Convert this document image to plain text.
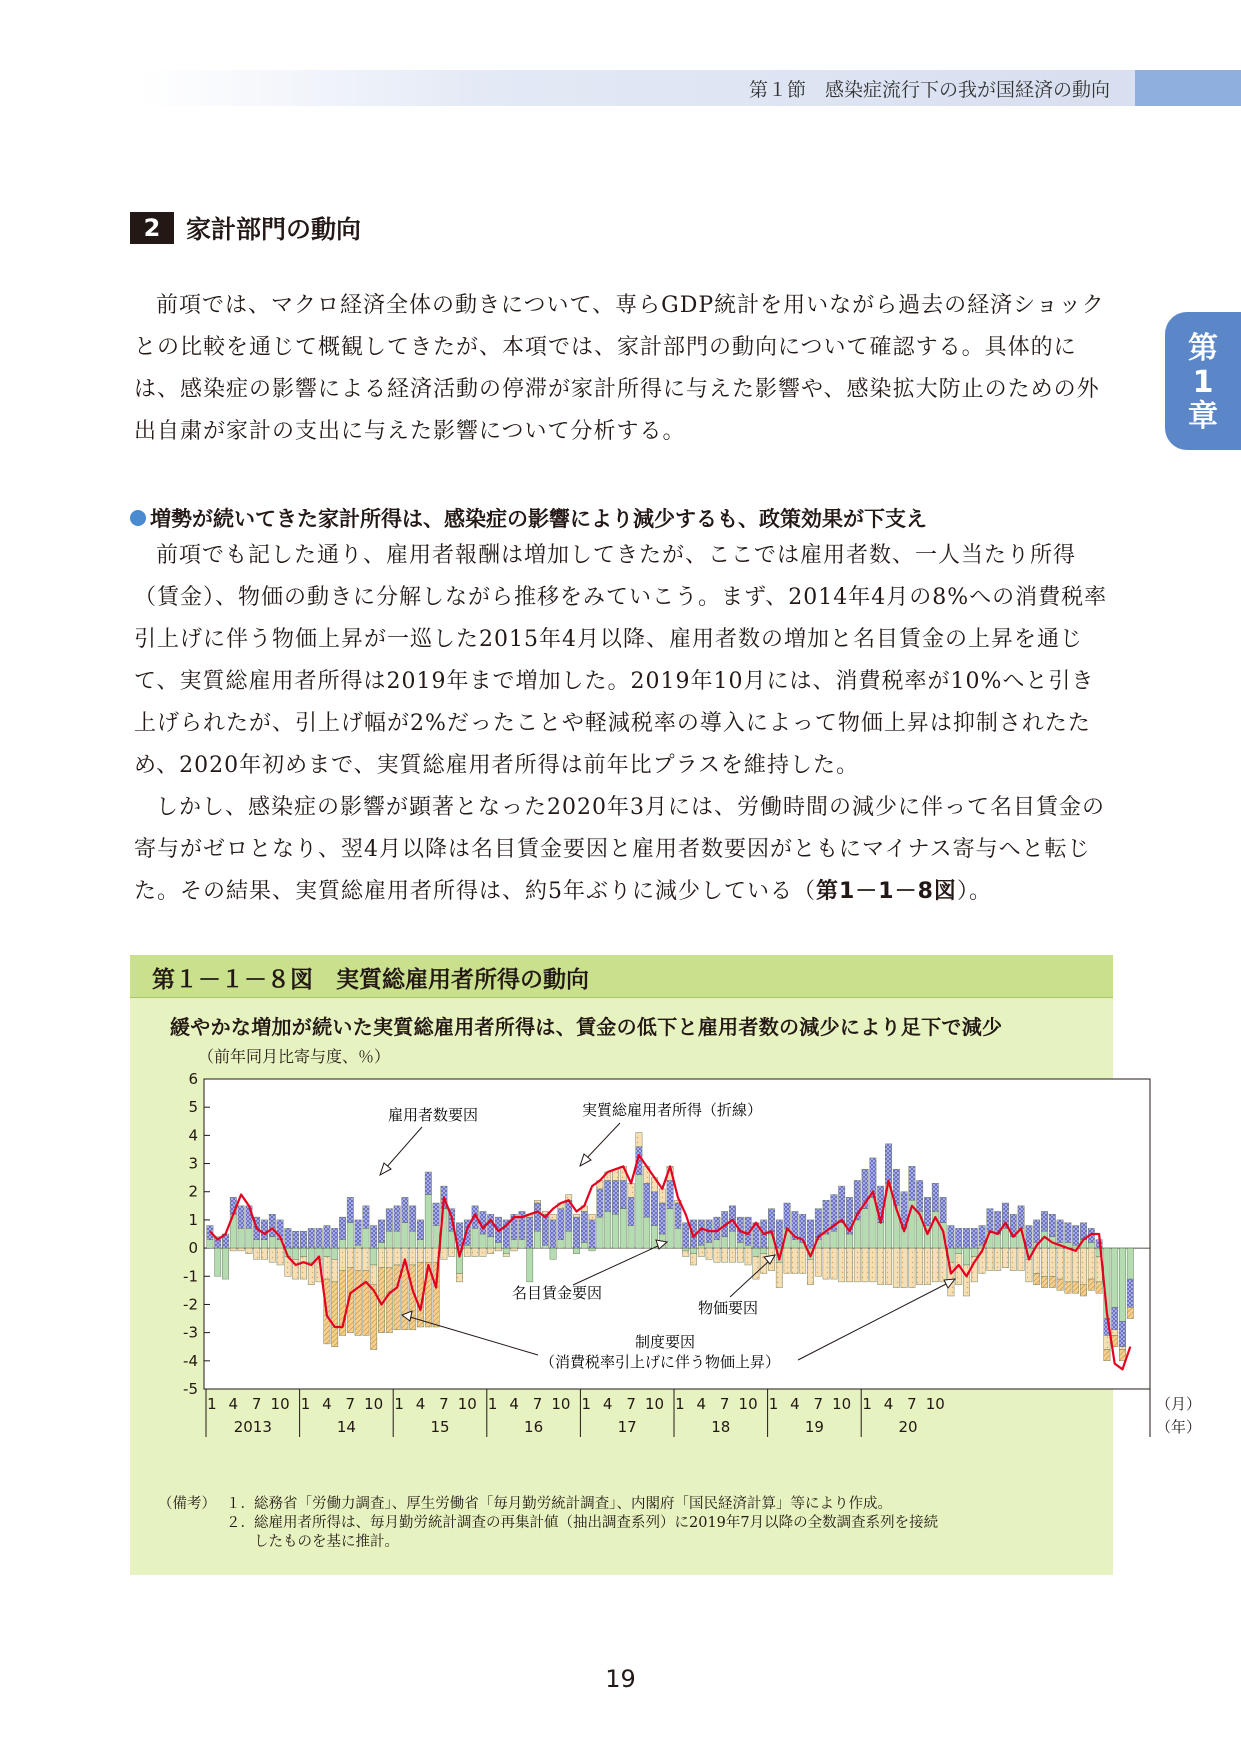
第１節　感染症流行下の我が国経済の動向
第
1
章
2	家計部門の動向

前項では、マクロ経済全体の動きについて、専らGDP統計を用いながら過去の経済ショックとの比較を通じて概観してきたが、本項では、家計部門の動向について確認する。具体的には、感染症の影響による経済活動の停滞が家計所得に与えた影響や、感染拡大防止のための外出自粛が家計の支出に与えた影響について分析する。

増勢が続いてきた家計所得は、感染症の影響により減少するも、政策効果が下支え

前項でも記した通り、雇用者報酬は増加してきたが、ここでは雇用者数、一人当たり所得（賃金）、物価の動きに分解しながら推移をみていこう。まず、2014年4月の8%への消費税率引上げに伴う物価上昇が一巡した2015年4月以降、雇用者数の増加と名目賃金の上昇を通じて、実質総雇用者所得は2019年まで増加した。2019年10月には、消費税率が10%へと引き上げられたが、引上げ幅が2%だったことや軽減税率の導入によって物価上昇は抑制されたため、2020年初めまで、実質総雇用者所得は前年比プラスを維持した。

しかし、感染症の影響が顕著となった2020年3月には、労働時間の減少に伴って名目賃金の寄与がゼロとなり、翌4月以降は名目賃金要因と雇用者数要因がともにマイナス寄与へと転じた。その結果、実質総雇用者所得は、約5年ぶりに減少している（第1－1－8図）。

第１－１－８図　実質総雇用者所得の動向
緩やかな増加が続いた実質総雇用者所得は、賃金の低下と雇用者数の減少により足下で減少
（前年同月比寄与度、％）
6
5
4
3
2
1
0
-1
-2
-3
-4
-5
1 4 7 10
2013
1 4 7 10
14
1 4 7 10
15
1 4 7 10
16
1 4 7 10
17
1 4 7 10
18
1 4 7 10
19
1 4 7 10
20
（月）
（年）
雇用者数要因	実質総雇用者所得（折線）
名目賃金要因
物価要因
制度要因
（消費税率引上げに伴う物価上昇）
（備考） １． 総務省「労働力調査」、厚生労働省「毎月勤労統計調査」、内閣府「国民経済計算」等により作成。
２． 総雇用者所得は、毎月勤労統計調査の再集計値（抽出調査系列）に2019年7月以降の全数調査系列を接続
したものを基に推計。
19
